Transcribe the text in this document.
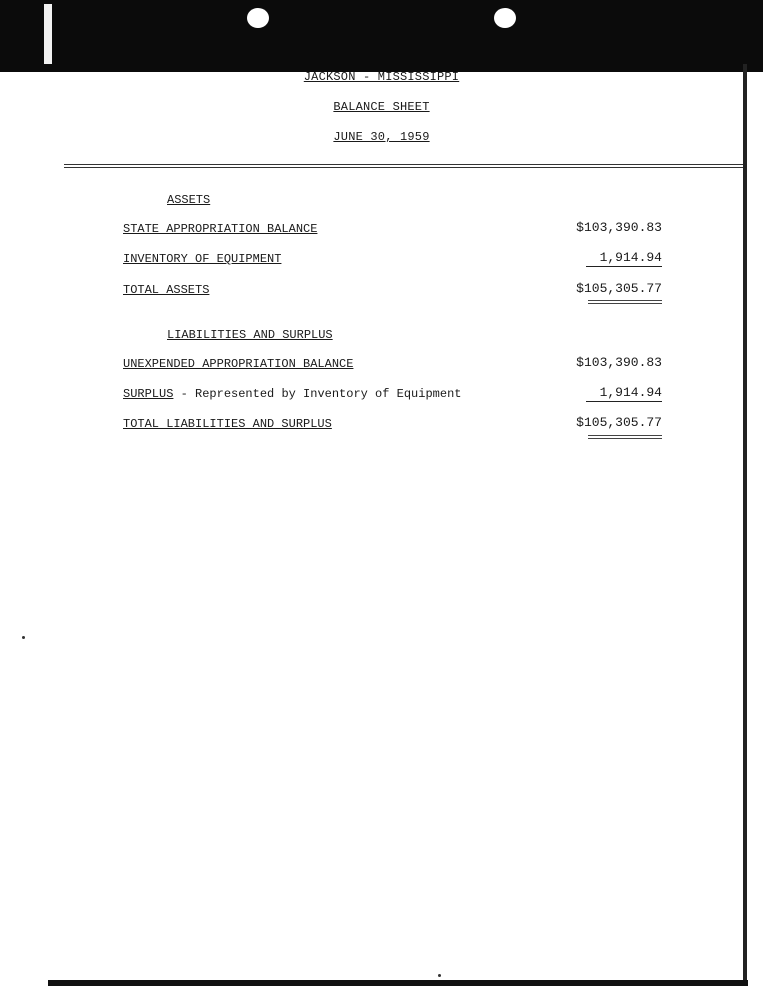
JACKSON - MISSISSIPPI
BALANCE SHEET
JUNE 30, 1959
ASSETS
STATE APPROPRIATION BALANCE	$103,390.83
INVENTORY OF EQUIPMENT	1,914.94
TOTAL ASSETS	$105,305.77
LIABILITIES AND SURPLUS
UNEXPENDED APPROPRIATION BALANCE	$103,390.83
SURPLUS - Represented by Inventory of Equipment	1,914.94
TOTAL LIABILITIES AND SURPLUS	$105,305.77
